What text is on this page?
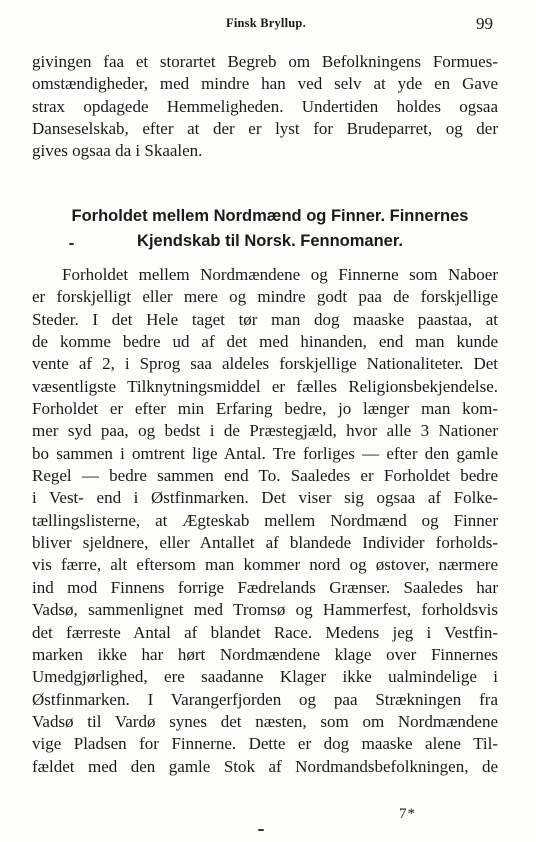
Finsk Bryllup.	99
givingen faa et storartet Begreb om Befolkningens Formues-
omstændigheder, med mindre han ved selv at yde en Gave
strax opdagede Hemmeligheden. Undertiden holdes ogsaa
Danseselskab, efter at der er lyst for Brudeparret, og der
gives ogsaa da i Skaalen.
Forholdet mellem Nordmænd og Finner. Finnernes
Kjendskab til Norsk. Fennomaner.
Forholdet mellem Nordmændene og Finnerne som Naboer
er forskjelligt eller mere og mindre godt paa de forskjellige
Steder. I det Hele taget tør man dog maaske paastaa, at
de komme bedre ud af det med hinanden, end man kunde
vente af 2, i Sprog saa aldeles forskjellige Nationaliteter. Det
væsentligste Tilknytningsmiddel er fælles Religionsbekjendelse.
Forholdet er efter min Erfaring bedre, jo længer man kom-
mer syd paa, og bedst i de Præstegjæld, hvor alle 3 Nationer
bo sammen i omtrent lige Antal. Tre forliges — efter den gamle
Regel — bedre sammen end To. Saaledes er Forholdet bedre
i Vest- end i Østfinmarken. Det viser sig ogsaa af Folke-
tællingslisterne, at Ægteskab mellem Nordmænd og Finner
bliver sjeldnere, eller Antallet af blandede Individer forholds-
vis færre, alt eftersom man kommer nord og østover, nærmere
ind mod Finnens forrige Fædrelands Grænser. Saaledes har
Vadsø, sammenlignet med Tromsø og Hammerfest, forholdsvis
det færreste Antal af blandet Race. Medens jeg i Vestfin-
marken ikke har hørt Nordmændene klage over Finnernes
Umedgjørlighed, ere saadanne Klager ikke ualmindelige i
Østfinmarken. I Varangerfjorden og paa Strækningen fra
Vadsø til Vardø synes det næsten, som om Nordmændene
vige Pladsen for Finnerne. Dette er dog maaske alene Til-
fældet med den gamle Stok af Nordmandsbefolkningen, de
7*
